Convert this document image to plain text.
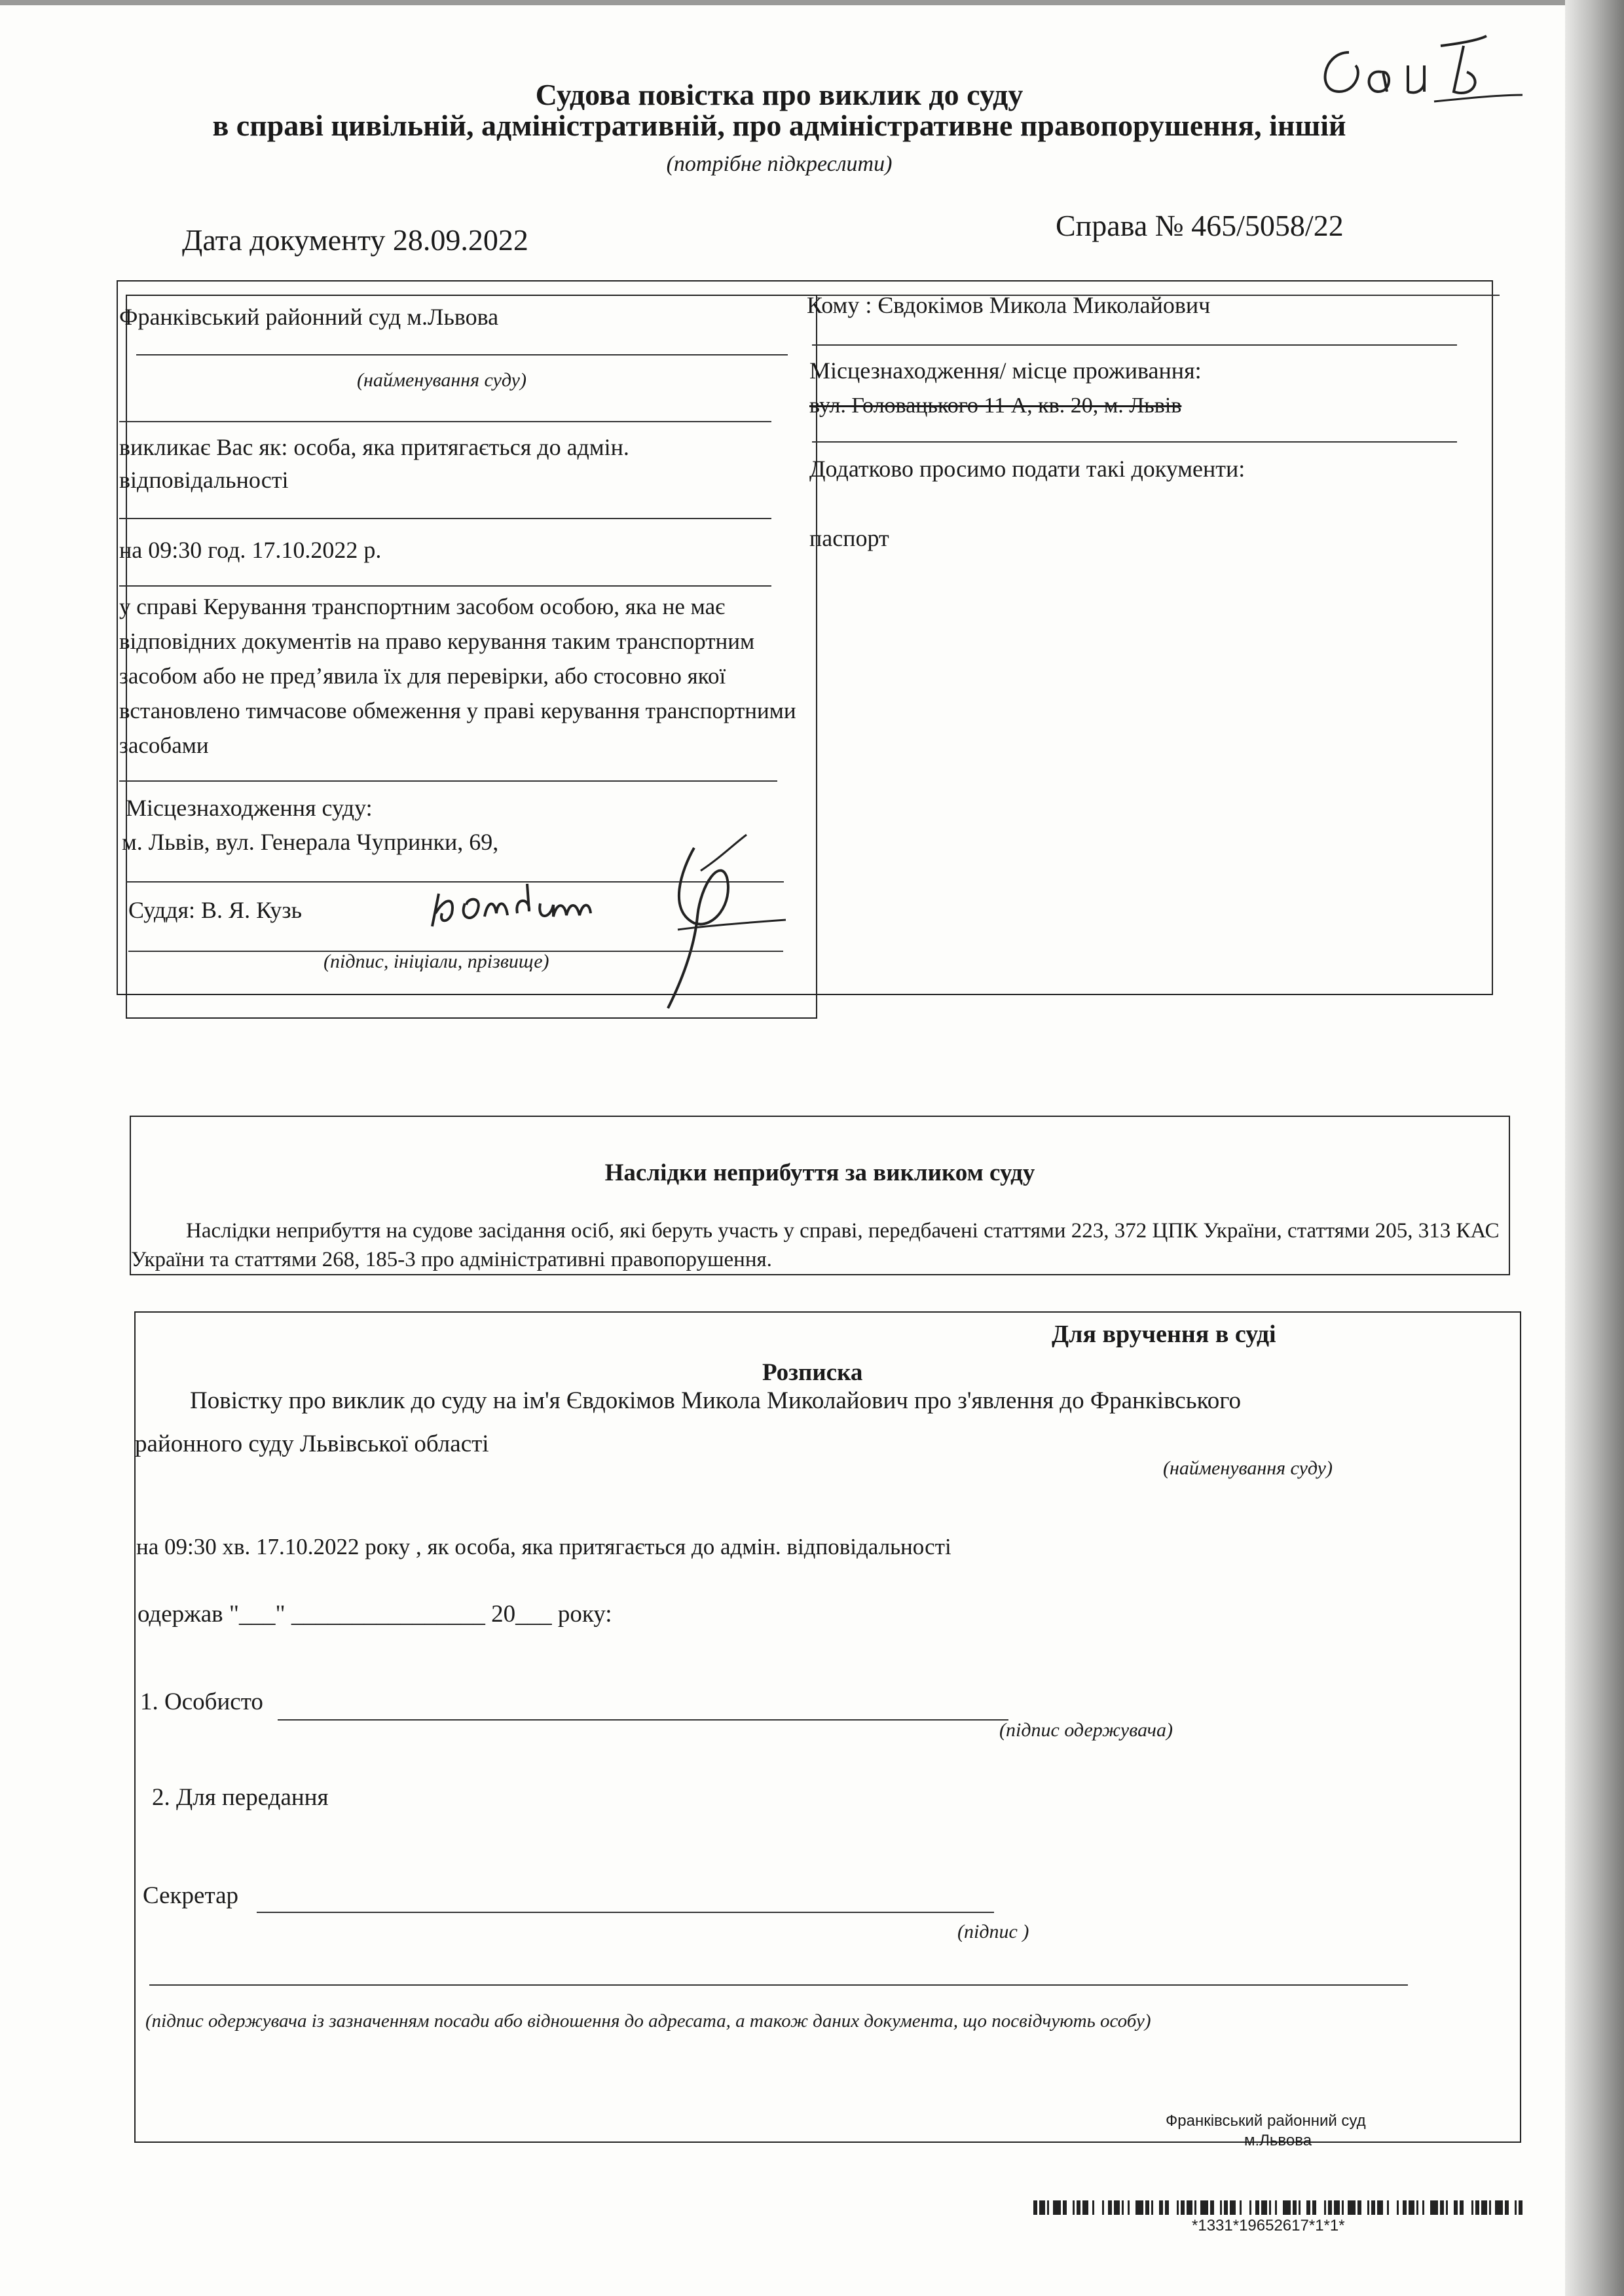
Судова повістка про виклик до суду
в справі цивільній, адміністративній, про адміністративне правопорушення, іншій
(потрібне підкреслити)
Дата документу 28.09.2022	Справа № 465/5058/22
Франківський районний суд м.Львова
(найменування суду)
викликає Вас як: особа, яка притягається до адмін. відповідальності
на 09:30 год. 17.10.2022 р.
у справі Керування транспортним засобом особою, яка не має відповідних документів на право керування таким транспортним засобом або не пред’явила їх для перевірки, або стосовно якої встановлено тимчасове обмеження у праві керування транспортними засобами
Місцезнаходження суду:
м. Львів, вул. Генерала Чупринки, 69,
Суддя: В. Я. Кузь
(підпис, ініціали, прізвище)
Кому : Євдокімов Микола Миколайович
Місцезнаходження/ місце проживання:
вул. Головацького 11 А, кв. 20, м. Львів
Додатково просимо подати такі документи:
паспорт
Наслідки неприбуття за викликом суду
Наслідки неприбуття на судове засідання осіб, які беруть участь у справі, передбачені статтями 223, 372 ЦПК України, статтями 205, 313 КАС України та статтями 268, 185-3 про адміністративні правопорушення.
Для вручення в суді
Розписка
Повістку про виклик до суду на ім'я Євдокімов Микола Миколайович про з'явлення до Франківського
районного суду Львівської області
(найменування суду)
на 09:30 хв. 17.10.2022 року , як особа, яка притягається до адмін. відповідальності
одержав "___" ________________ 20___ року:
1. Особисто
(підпис одержувача)
2. Для передання
Секретар
(підпис )
(підпис одержувача із зазначенням посади або відношення до адресата, а також даних документа, що посвідчують особу)
Франківський районний суд
м.Львова
*1331*19652617*1*1*
